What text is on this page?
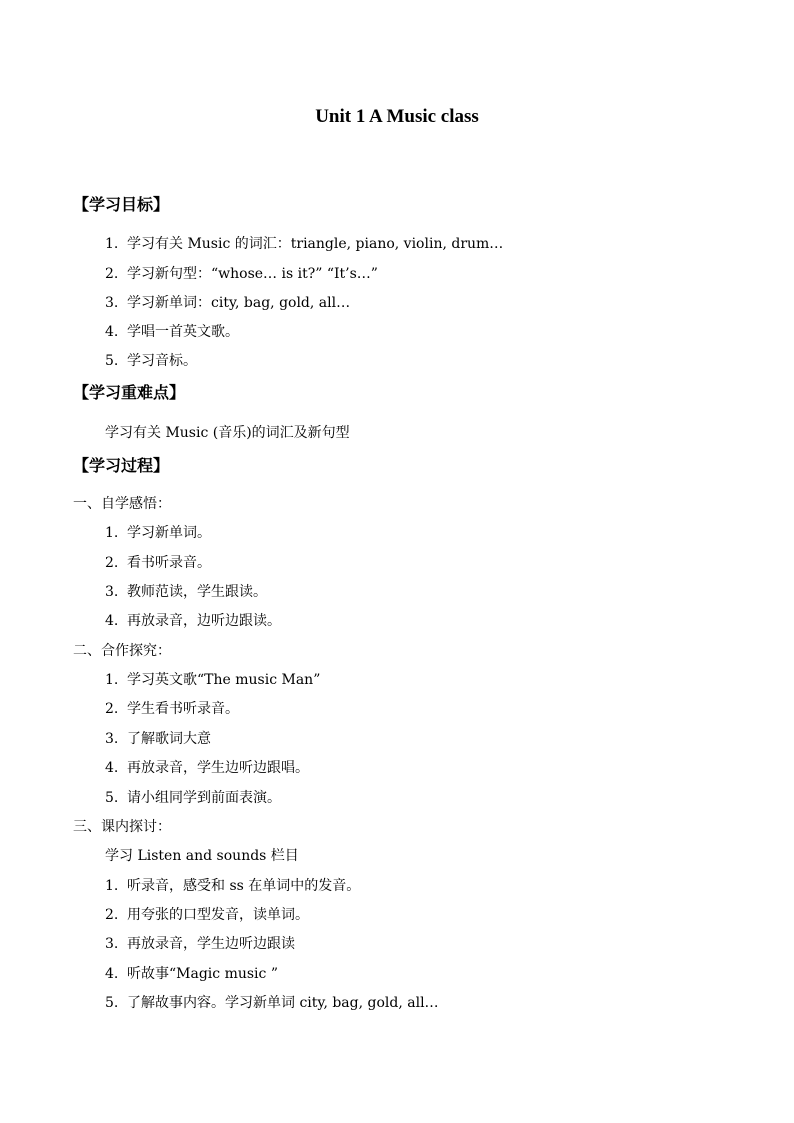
Unit 1 A Music class
【学习目标】
1. 学习有关 Music 的词汇：triangle, piano, violin, drum…
2. 学习新句型：“whose… is it?” “It’s…”
3. 学习新单词：city, bag, gold, all…
4. 学唱一首英文歌。
5. 学习音标。
【学习重难点】
学习有关 Music (音乐)的词汇及新句型
【学习过程】
一、自学感悟：
1. 学习新单词。
2. 看书听录音。
3. 教师范读，学生跟读。
4. 再放录音，边听边跟读。
二、合作探究：
1. 学习英文歌“The music Man”
2. 学生看书听录音。
3. 了解歌词大意
4. 再放录音，学生边听边跟唱。
5. 请小组同学到前面表演。
三、课内探讨：
学习 Listen and sounds 栏目
1. 听录音，感受和 ss 在单词中的发音。
2. 用夸张的口型发音，读单词。
3. 再放录音，学生边听边跟读
4. 听故事“Magic music ”
5. 了解故事内容。学习新单词 city, bag, gold, all…
